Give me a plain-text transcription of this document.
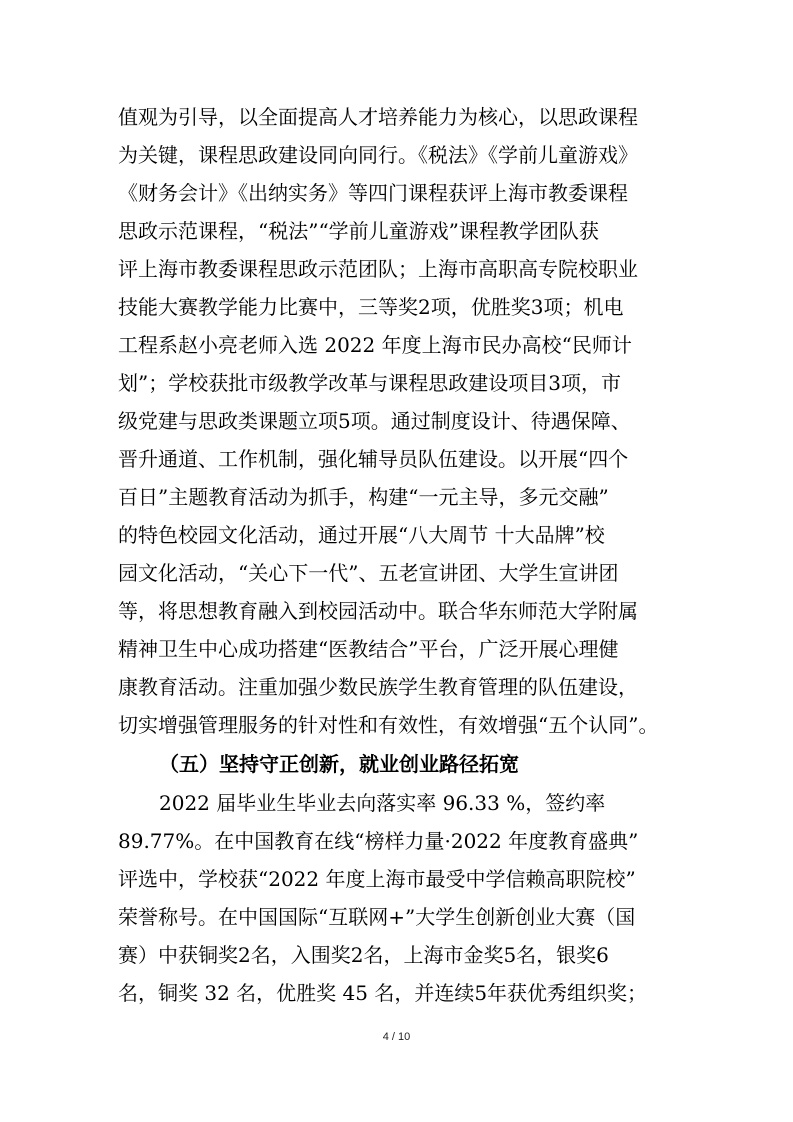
值观为引导，以全面提高人才培养能力为核心，以思政课程
为关键，课程思政建设同向同行。《税法》《学前儿童游戏》
《财务会计》《出纳实务》等四门课程获评上海市教委课程
思政示范课程，“税法”“学前儿童游戏”课程教学团队获
评上海市教委课程思政示范团队；上海市高职高专院校职业
技能大赛教学能力比赛中，三等奖2项，优胜奖3项；机电
工程系赵小亮老师入选 2022 年度上海市民办高校“民师计
划”；学校获批市级教学改革与课程思政建设项目3项，市
级党建与思政类课题立项5项。通过制度设计、待遇保障、
晋升通道、工作机制，强化辅导员队伍建设。以开展“四个
百日”主题教育活动为抓手，构建“一元主导，多元交融”
的特色校园文化活动，通过开展“八大周节 十大品牌”校
园文化活动，“关心下一代”、五老宣讲团、大学生宣讲团
等，将思想教育融入到校园活动中。联合华东师范大学附属
精神卫生中心成功搭建“医教结合”平台，广泛开展心理健
康教育活动。注重加强少数民族学生教育管理的队伍建设，
切实增强管理服务的针对性和有效性，有效增强“五个认同”。
（五）坚持守正创新，就业创业路径拓宽
2022 届毕业生毕业去向落实率 96.33 %，签约率
89.77%。在中国教育在线“榜样力量·2022 年度教育盛典”
评选中，学校获“2022 年度上海市最受中学信赖高职院校”
荣誉称号。在中国国际“互联网+”大学生创新创业大赛（国
赛）中获铜奖2名，入围奖2名，上海市金奖5名，银奖6
名，铜奖 32 名，优胜奖 45 名，并连续5年获优秀组织奖；
4 / 10
